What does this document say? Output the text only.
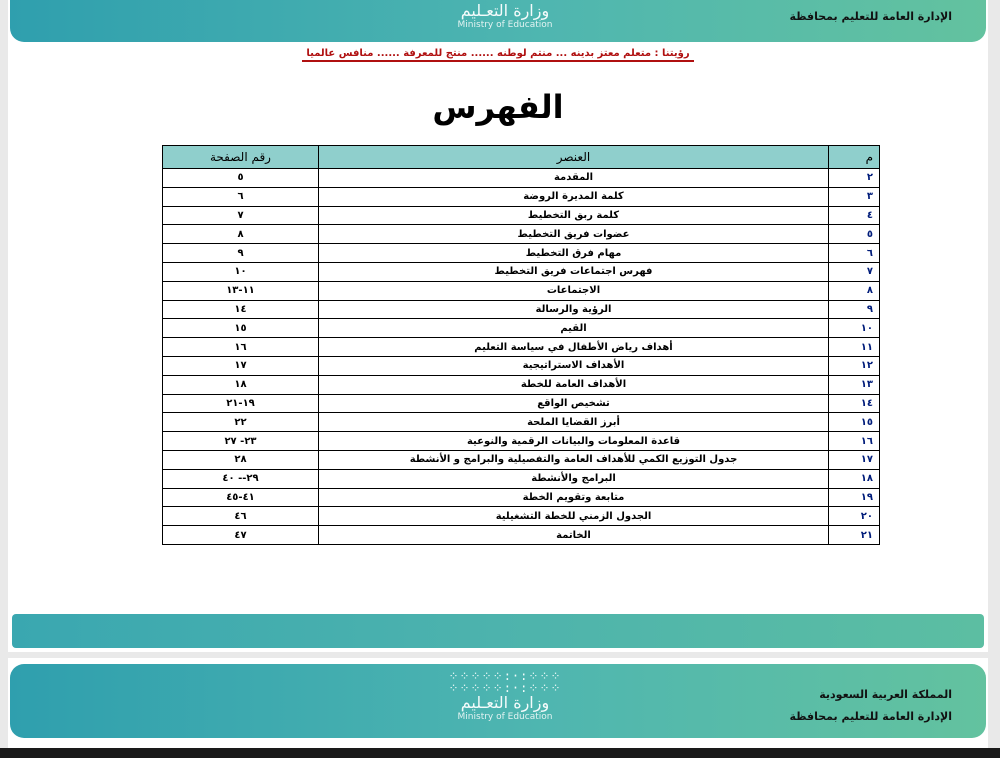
وزارة التعـليم
Ministry of Education
الإدارة العامة للتعليم بمحافظة
رؤيتنا : متعلم معتز بدينه ... منتم لوطنه ...... منتج للمعرفة ...... منافس عالميا
الفهرس
م	العنصر	رقم الصفحة
٢	المقدمة	٥
٣	كلمة المديرة الروضة	٦
٤	كلمة ربق التخطيط	٧
٥	عضوات فريق التخطيط	٨
٦	مهام فرق التخطيط	٩
٧	فهرس اجتماعات فريق التخطيط	١٠
٨	الاجتماعات	١١-١٣
٩	الرؤية والرسالة	١٤
١٠	القيم	١٥
١١	أهداف رياض الأطفال في سياسة التعليم	١٦
١٢	الأهداف الاستراتيجية	١٧
١٣	الأهداف العامة للخطة	١٨
١٤	تشخيص الواقع	١٩-٢١
١٥	أبرز القضايا الملحة	٢٢
١٦	قاعدة المعلومات والبيانات الرقمية والنوعية	٢٣- ٢٧
١٧	جدول التوزيع الكمي للأهداف العامة والتفصيلية والبرامج و الأنشطة	٢٨
١٨	البرامج والأنشطة	٢٩-- ٤٠
١٩	متابعة وتقويم الخطة	٤١-٤٥
٢٠	الجدول الزمني للخطة التشغيلية	٤٦
٢١	الخاتمة	٤٧
⁘⁘⁘⁘⁘:·:⁘⁘⁘
⁘⁘⁘⁘⁘:·:⁘⁘⁘
وزارة التعـليم
Ministry of Education
المملكة العربية السعودية
الإدارة العامة للتعليم بمحافظة
